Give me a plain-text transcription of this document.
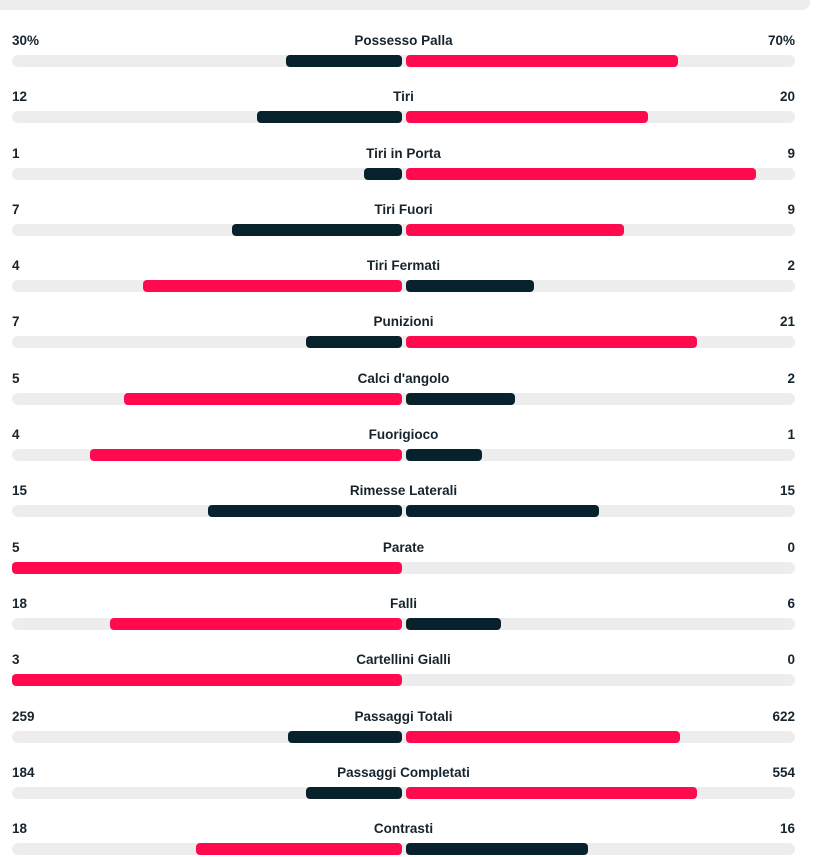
Possesso Palla
30%	70%
Tiri
12	20
Tiri in Porta
1	9
Tiri Fuori
7	9
Tiri Fermati
4	2
Punizioni
7	21
Calci d'angolo
5	2
Fuorigioco
4	1
Rimesse Laterali
15	15
Parate
5	0
Falli
18	6
Cartellini Gialli
3	0
Passaggi Totali
259	622
Passaggi Completati
184	554
Contrasti
18	16
